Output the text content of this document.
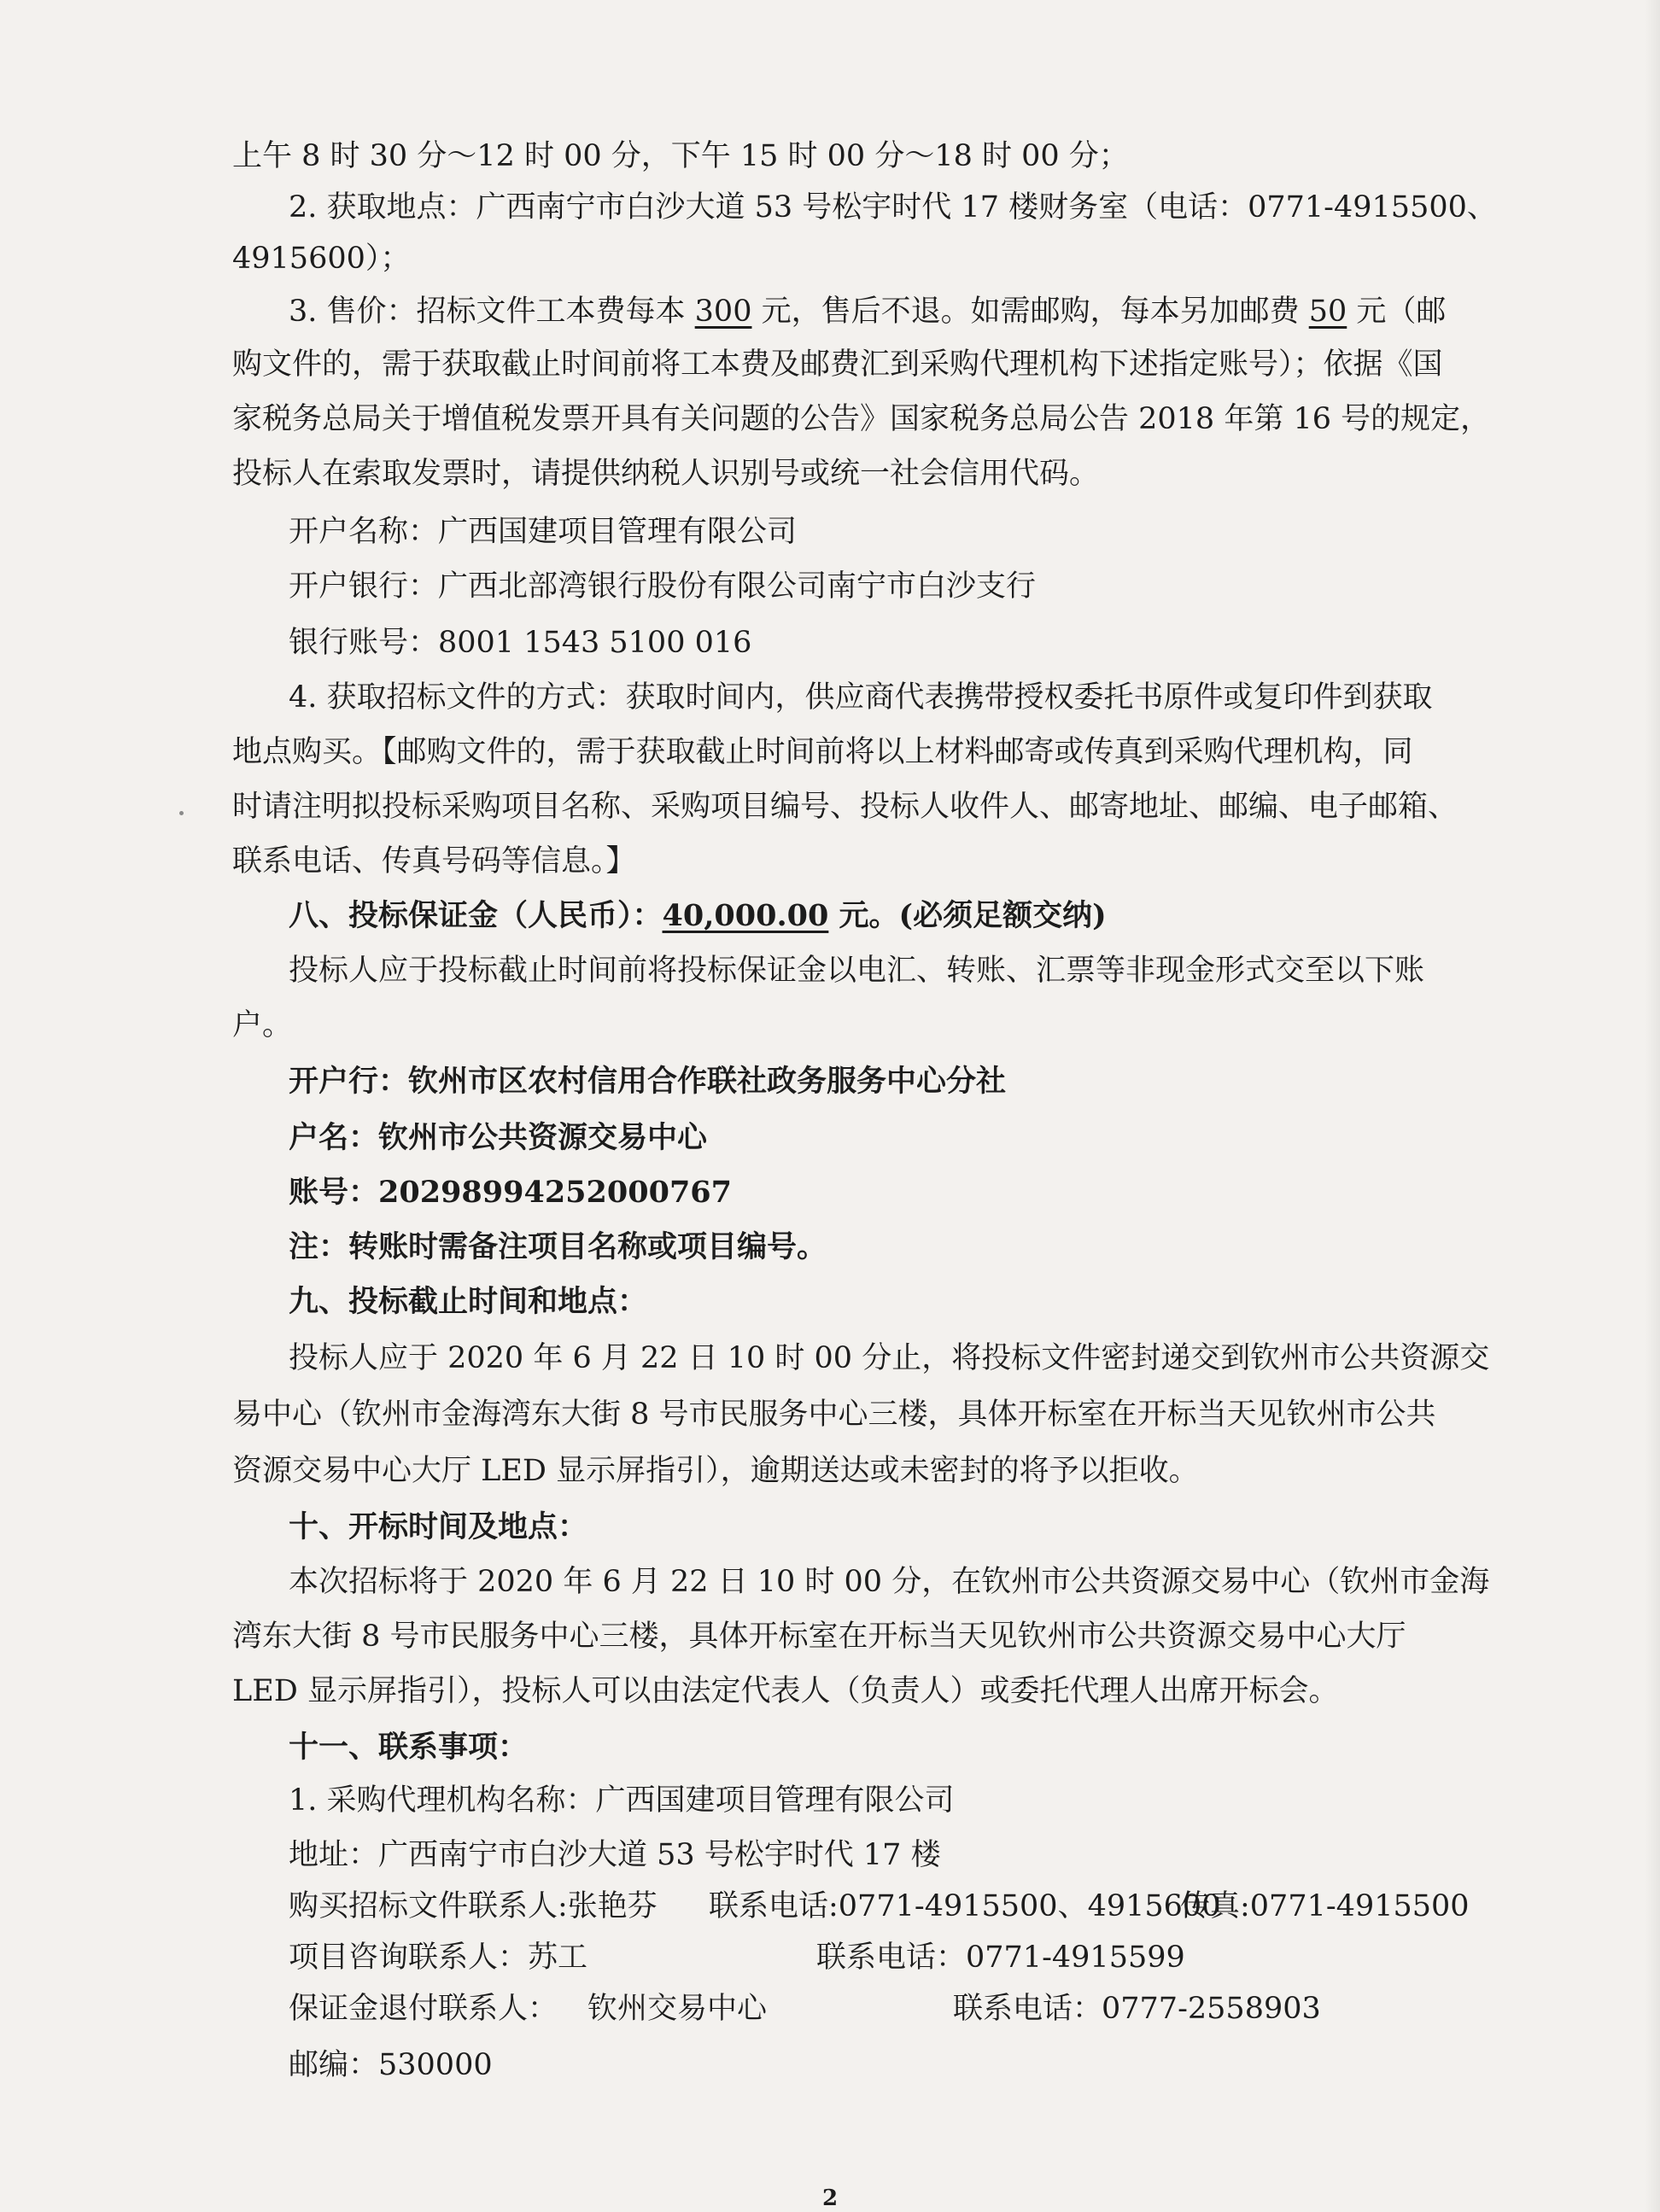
上午 8 时 30 分～12 时 00 分，下午 15 时 00 分～18 时 00 分；

2. 获取地点：广西南宁市白沙大道 53 号松宇时代 17 楼财务室（电话：0771-4915500、

4915600）；

3. 售价：招标文件工本费每本 300 元，售后不退。如需邮购，每本另加邮费 50 元（邮

购文件的，需于获取截止时间前将工本费及邮费汇到采购代理机构下述指定账号）；依据《国

家税务总局关于增值税发票开具有关问题的公告》国家税务总局公告 2018 年第 16 号的规定，

投标人在索取发票时，请提供纳税人识别号或统一社会信用代码。

开户名称：广西国建项目管理有限公司

开户银行：广西北部湾银行股份有限公司南宁市白沙支行

银行账号：8001 1543 5100 016

4. 获取招标文件的方式：获取时间内，供应商代表携带授权委托书原件或复印件到获取

地点购买。【邮购文件的，需于获取截止时间前将以上材料邮寄或传真到采购代理机构，同

时请注明拟投标采购项目名称、采购项目编号、投标人收件人、邮寄地址、邮编、电子邮箱、

联系电话、传真号码等信息。】

八、投标保证金（人民币）：40,000.00 元。(必须足额交纳)

投标人应于投标截止时间前将投标保证金以电汇、转账、汇票等非现金形式交至以下账

户。

开户行：钦州市区农村信用合作联社政务服务中心分社

户名：钦州市公共资源交易中心

账号：20298994252000767

注：转账时需备注项目名称或项目编号。

九、投标截止时间和地点：

投标人应于 2020 年 6 月 22 日 10 时 00 分止，将投标文件密封递交到钦州市公共资源交

易中心（钦州市金海湾东大街 8 号市民服务中心三楼，具体开标室在开标当天见钦州市公共

资源交易中心大厅 LED 显示屏指引），逾期送达或未密封的将予以拒收。

十、开标时间及地点：

本次招标将于 2020 年 6 月 22 日 10 时 00 分，在钦州市公共资源交易中心（钦州市金海

湾东大街 8 号市民服务中心三楼，具体开标室在开标当天见钦州市公共资源交易中心大厅

LED 显示屏指引），投标人可以由法定代表人（负责人）或委托代理人出席开标会。

十一、联系事项：

1. 采购代理机构名称：广西国建项目管理有限公司

地址：广西南宁市白沙大道 53 号松宇时代 17 楼

购买招标文件联系人:张艳芬 联系电话:0771-4915500、4915600

传真:0771-4915500

项目咨询联系人：苏工	联系电话：0771-4915599

保证金退付联系人： 钦州交易中心	联系电话：

0777-2558903

邮编：530000

2
